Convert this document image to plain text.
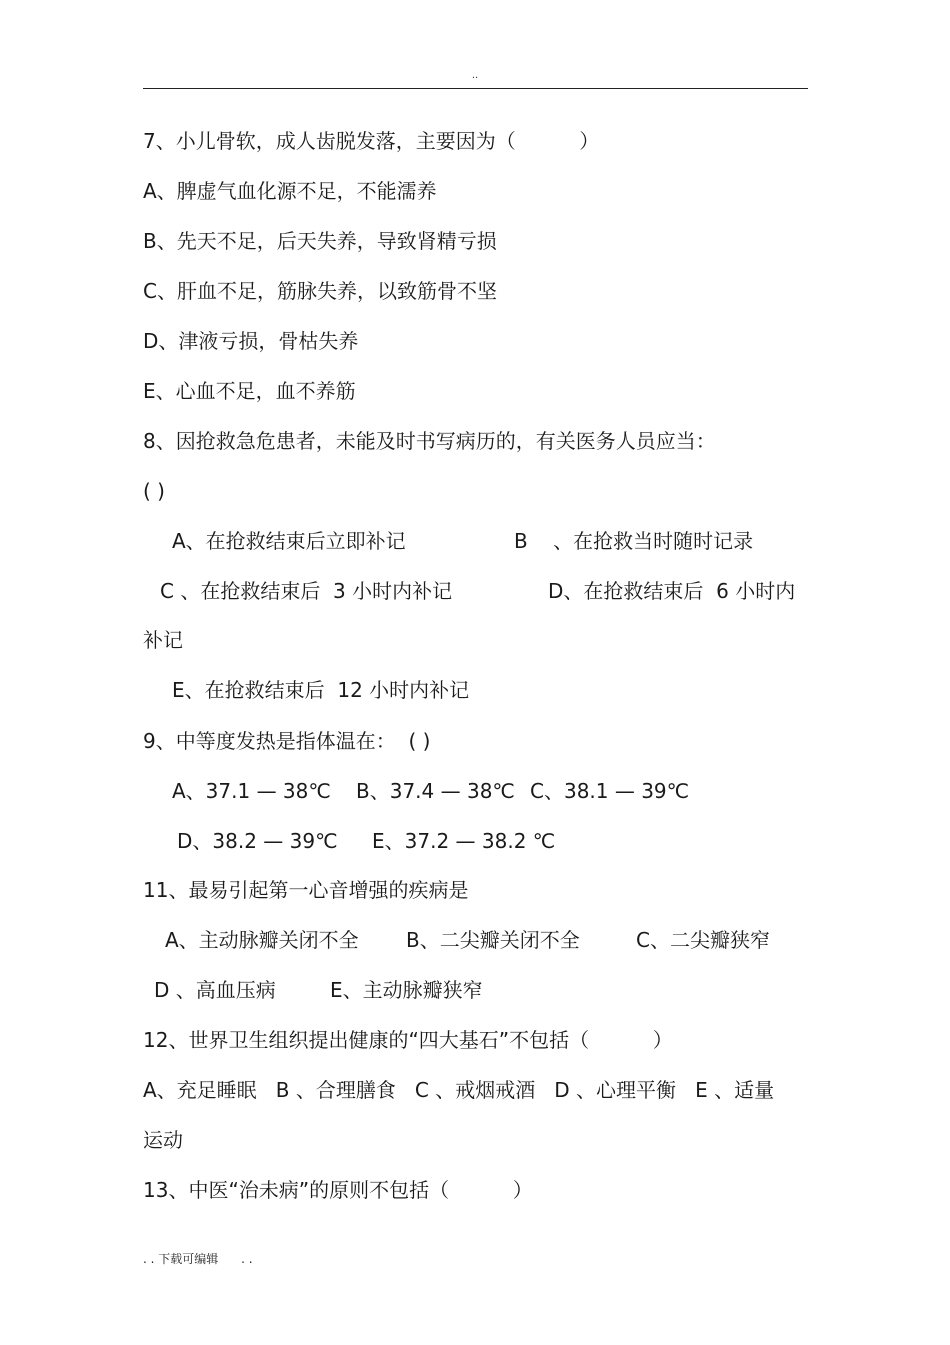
..
7、小儿骨软，成人齿脱发落，主要因为（          ）
A、脾虚气血化源不足，不能濡养
B、先天不足，后天失养，导致肾精亏损
C、肝血不足，筋脉失养，以致筋骨不坚
D、津液亏损，骨枯失养
E、心血不足，血不养筋
8、因抢救急危患者，未能及时书写病历的，有关医务人员应当：
( )
A、在抢救结束后立即补记	B    、在抢救当时随时记录
C 、在抢救结束后  3 小时内补记	D、在抢救结束后  6 小时内
补记
E、在抢救结束后  12 小时内补记
9、中等度发热是指体温在：  ( )
A、37.1 — 38℃ B、37.4 — 38℃ C、38.1 — 39℃
D、38.2 — 39℃ E、37.2 — 38.2 ℃
11、最易引起第一心音增强的疾病是
A、主动脉瓣关闭不全 B、二尖瓣关闭不全	C、二尖瓣狭窄
D 、高血压病	E、主动脉瓣狭窄
12、世界卫生组织提出健康的“四大基石”不包括（          ）
A、充足睡眠   B 、合理膳食   C 、戒烟戒酒   D 、心理平衡   E 、适量
运动
13、中医“治未病”的原则不包括（          ）
. . 下载可编辑      . .
